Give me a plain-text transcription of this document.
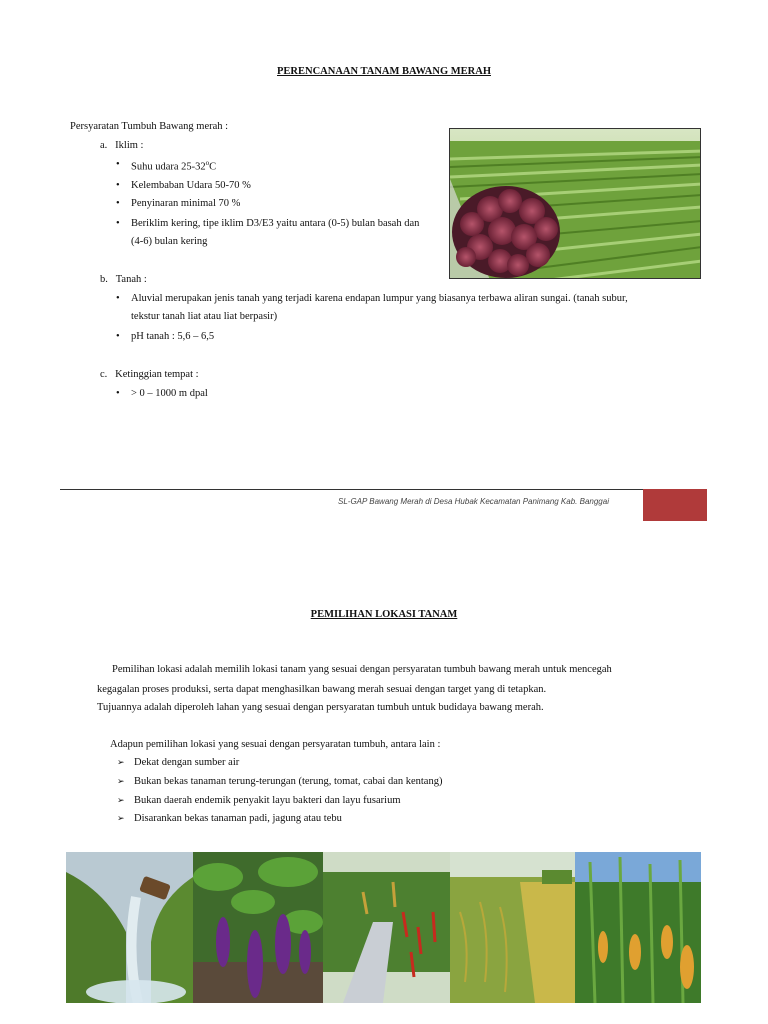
PERENCANAAN TANAM BAWANG MERAH
Persyaratan Tumbuh Bawang merah :
a.   Iklim :
• Suhu udara 25-32$^o$C
• Kelembaban Udara 50-70 %
• Penyinaran minimal 70 %
• Beriklim kering, tipe iklim D3/E3 yaitu antara (0-5) bulan basah dan
(4-6) bulan kering
b.   Tanah :
• Aluvial merupakan jenis tanah yang terjadi karena endapan lumpur yang biasanya terbawa aliran sungai. (tanah subur,
tekstur tanah liat atau liat berpasir)
• pH tanah : 5,6 – 6,5
c.   Ketinggian tempat :
• > 0 – 1000 m dpal
SL-GAP Bawang Merah di Desa Hubak Kecamatan Panimang Kab. Banggai
PEMILIHAN LOKASI TANAM
Pemilihan lokasi adalah memilih lokasi tanam yang sesuai dengan persyaratan tumbuh bawang merah untuk mencegah
kegagalan proses produksi, serta dapat menghasilkan bawang merah sesuai dengan target yang di tetapkan.
Tujuannya adalah diperoleh lahan yang sesuai dengan persyaratan tumbuh untuk budidaya bawang merah.
Adapun pemilihan lokasi yang sesuai dengan persyaratan tumbuh, antara lain :
➢ Dekat dengan sumber air
➢ Bukan bekas tanaman terung-terungan (terung, tomat, cabai dan kentang)
➢ Bukan daerah endemik penyakit layu bakteri dan layu fusarium
➢ Disarankan bekas tanaman padi, jagung atau tebu
